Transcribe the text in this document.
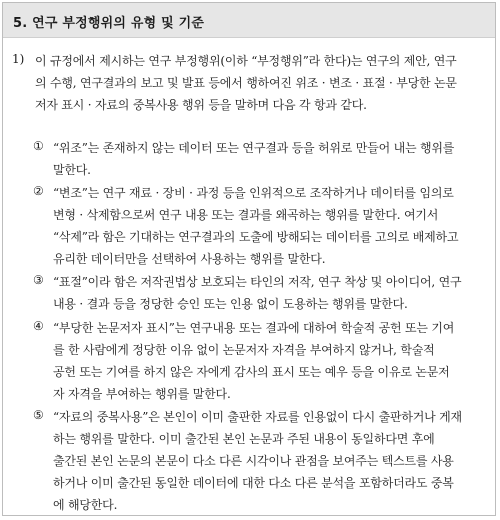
5. 연구 부정행위의 유형 및 기준
1) 이 규정에서 제시하는 연구 부정행위(이하 “부정행위”라 한다)는 연구의 제안, 연구
의 수행, 연구결과의 보고 및 발표 등에서 행하여진 위조 · 변조 · 표절 · 부당한 논문
저자 표시 · 자료의 중복사용 행위 등을 말하며 다음 각 항과 같다.
① “위조”는 존재하지 않는 데이터 또는 연구결과 등을 허위로 만들어 내는 행위를
말한다.
② “변조”는 연구 재료 · 장비 · 과정 등을 인위적으로 조작하거나 데이터를 임의로
변형 · 삭제함으로써 연구 내용 또는 결과를 왜곡하는 행위를 말한다. 여기서
“삭제”라 함은 기대하는 연구결과의 도출에 방해되는 데이터를 고의로 배제하고
유리한 데이터만을 선택하여 사용하는 행위를 말한다.
③ “표절”이라 함은 저작권법상 보호되는 타인의 저작, 연구 착상 및 아이디어, 연구
내용 · 결과 등을 정당한 승인 또는 인용 없이 도용하는 행위를 말한다.
④ “부당한 논문저자 표시”는 연구내용 또는 결과에 대하여 학술적 공헌 또는 기여
를 한 사람에게 정당한 이유 없이 논문저자 자격을 부여하지 않거나, 학술적
공헌 또는 기여를 하지 않은 자에게 감사의 표시 또는 예우 등을 이유로 논문저
자 자격을 부여하는 행위를 말한다.
⑤ “자료의 중복사용”은 본인이 이미 출판한 자료를 인용없이 다시 출판하거나 게재
하는 행위를 말한다. 이미 출간된 본인 논문과 주된 내용이 동일하다면 후에
출간된 본인 논문의 본문이 다소 다른 시각이나 관점을 보여주는 텍스트를 사용
하거나 이미 출간된 동일한 데이터에 대한 다소 다른 분석을 포함하더라도 중복
에 해당한다.
